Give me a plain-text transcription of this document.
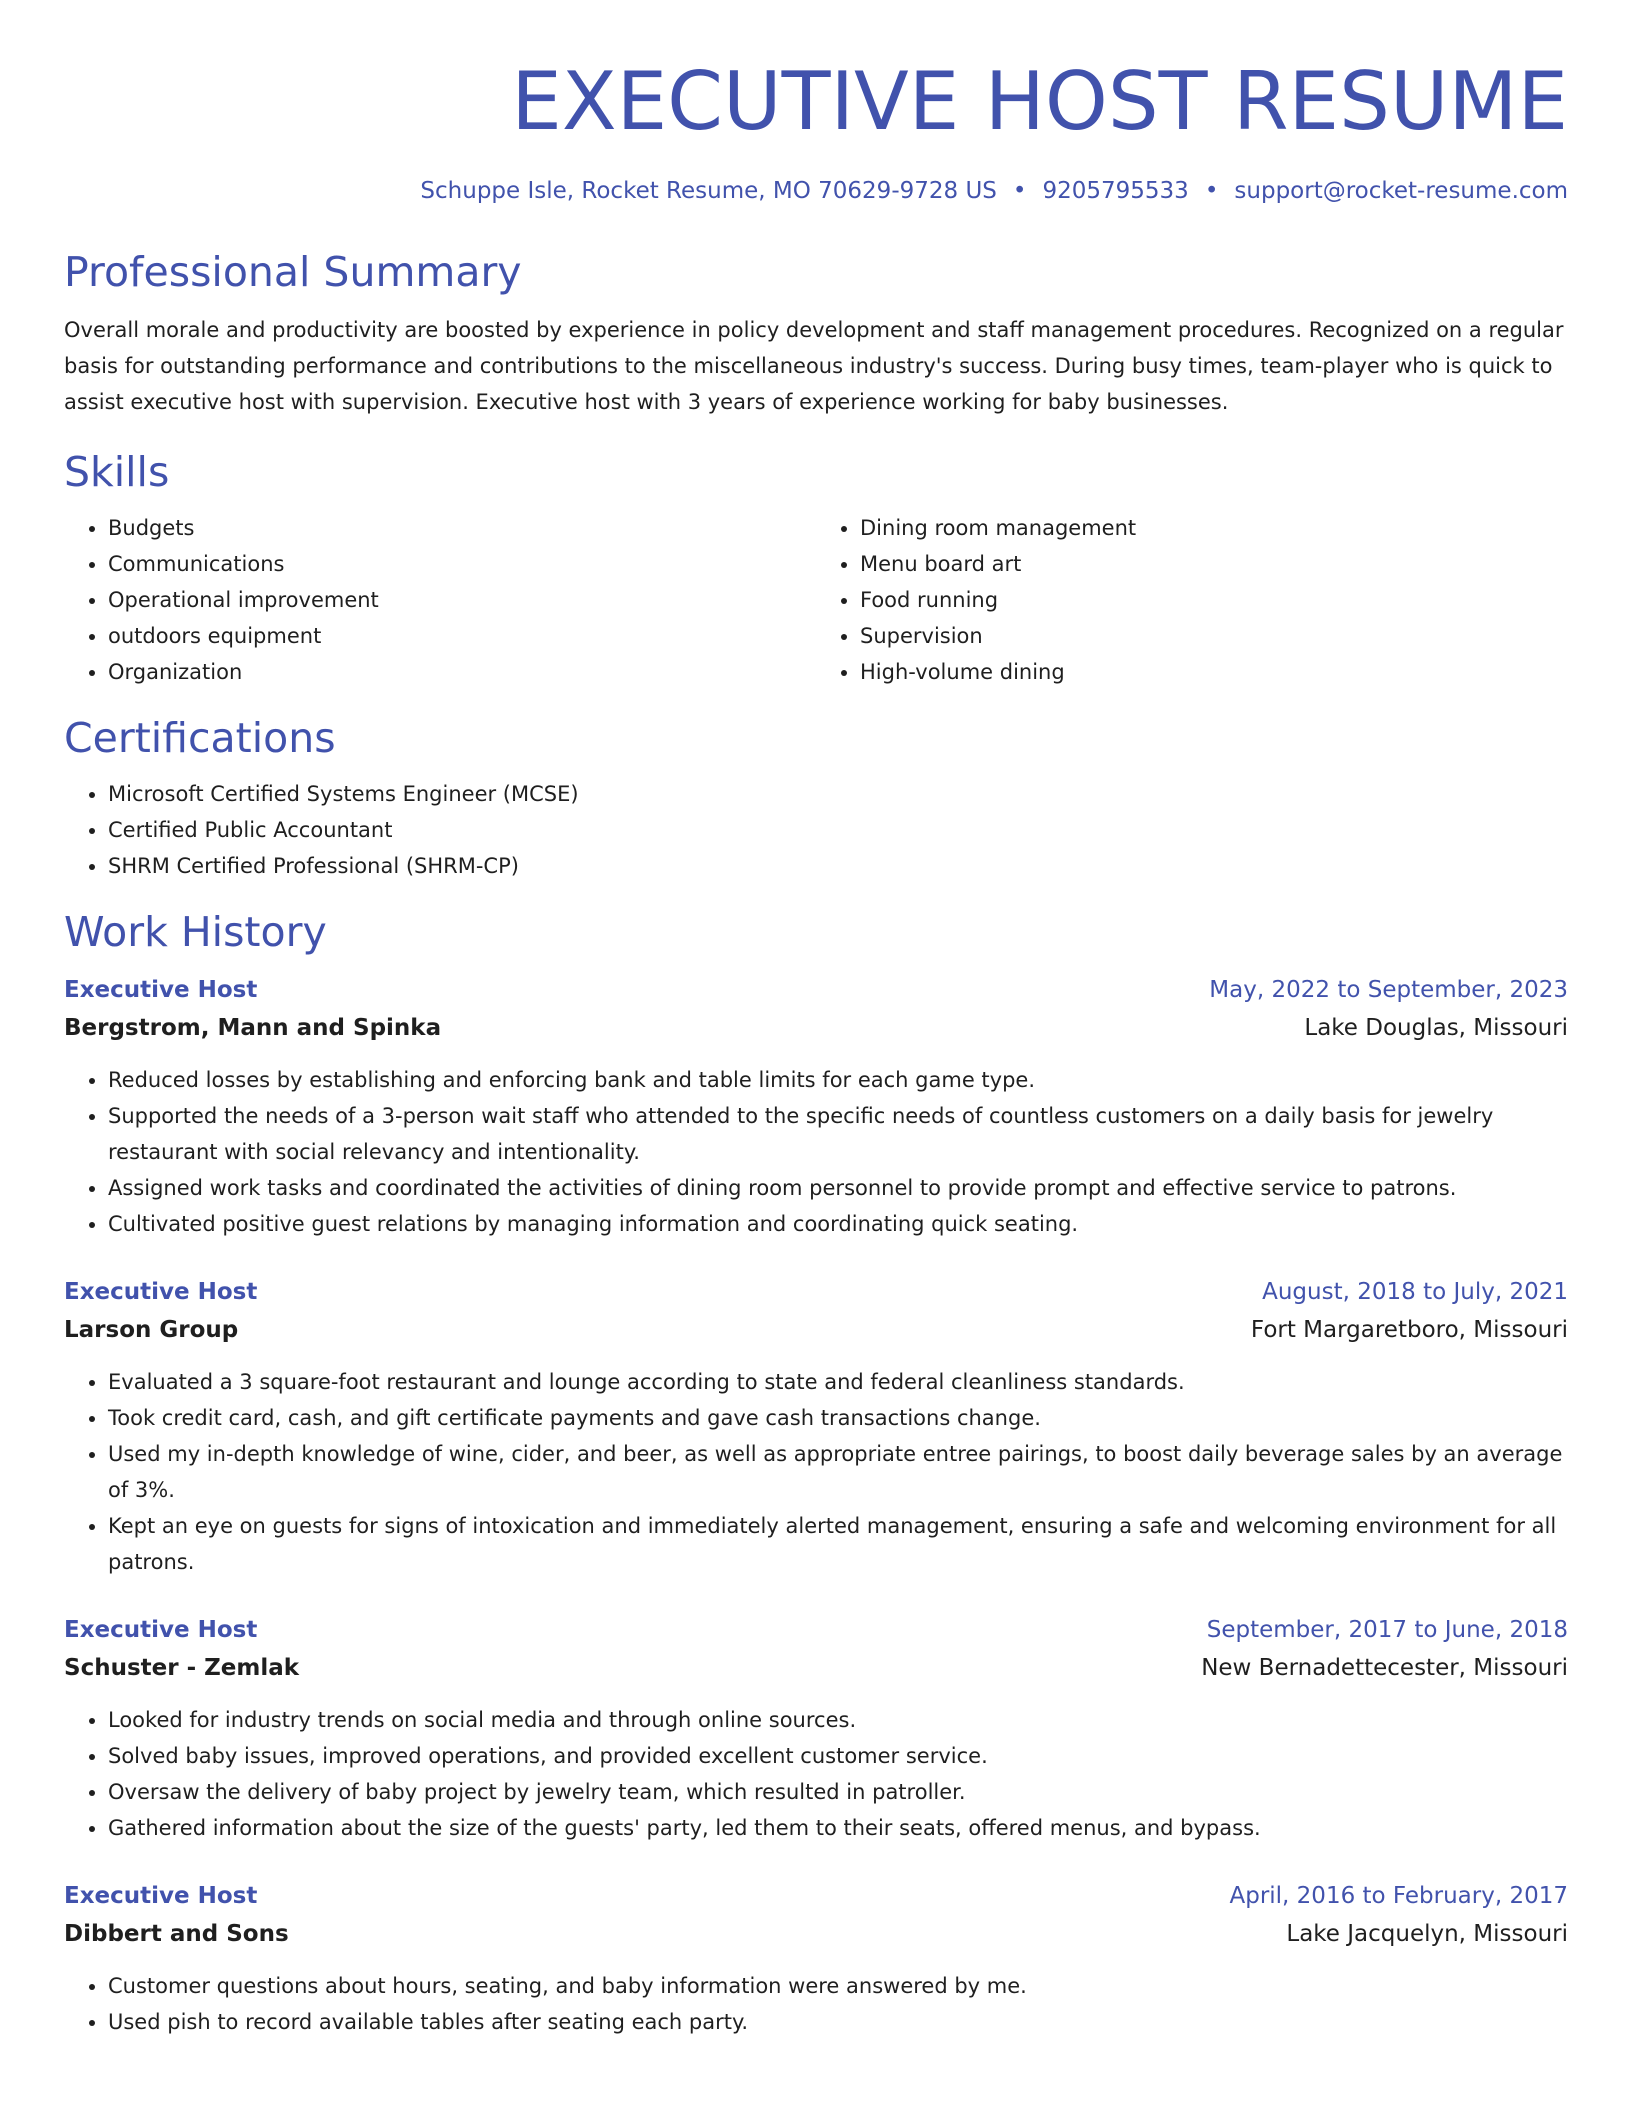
EXECUTIVE HOST RESUME
Schuppe Isle, Rocket Resume, MO 70629-9728 US • 9205795533 • support@rocket-resume.com
Professional Summary

Overall morale and productivity are boosted by experience in policy development and staff management procedures. Recognized on a regular basis for outstanding performance and contributions to the miscellaneous industry's success. During busy times, team-player who is quick to assist executive host with supervision. Executive host with 3 years of experience working for baby businesses.

Skills
• Budgets
• Communications
• Operational improvement
• outdoors equipment
• Organization
• Dining room management
• Menu board art
• Food running
• Supervision
• High-volume dining
Certifications
• Microsoft Certified Systems Engineer (MCSE)
• Certified Public Accountant
• SHRM Certified Professional (SHRM-CP)
Work History
Executive Host	May, 2022 to September, 2023
Bergstrom, Mann and Spinka	Lake Douglas, Missouri
• Reduced losses by establishing and enforcing bank and table limits for each game type.
• Supported the needs of a 3-person wait staff who attended to the specific needs of countless customers on a daily basis for jewelry restaurant with social relevancy and intentionality.
• Assigned work tasks and coordinated the activities of dining room personnel to provide prompt and effective service to patrons.
• Cultivated positive guest relations by managing information and coordinating quick seating.
Executive Host	August, 2018 to July, 2021
Larson Group	Fort Margaretboro, Missouri
• Evaluated a 3 square-foot restaurant and lounge according to state and federal cleanliness standards.
• Took credit card, cash, and gift certificate payments and gave cash transactions change.
• Used my in-depth knowledge of wine, cider, and beer, as well as appropriate entree pairings, to boost daily beverage sales by an average of 3%.
• Kept an eye on guests for signs of intoxication and immediately alerted management, ensuring a safe and welcoming environment for all patrons.
Executive Host	September, 2017 to June, 2018
Schuster - Zemlak	New Bernadettecester, Missouri
• Looked for industry trends on social media and through online sources.
• Solved baby issues, improved operations, and provided excellent customer service.
• Oversaw the delivery of baby project by jewelry team, which resulted in patroller.
• Gathered information about the size of the guests' party, led them to their seats, offered menus, and bypass.
Executive Host	April, 2016 to February, 2017
Dibbert and Sons	Lake Jacquelyn, Missouri
• Customer questions about hours, seating, and baby information were answered by me.
• Used pish to record available tables after seating each party.
